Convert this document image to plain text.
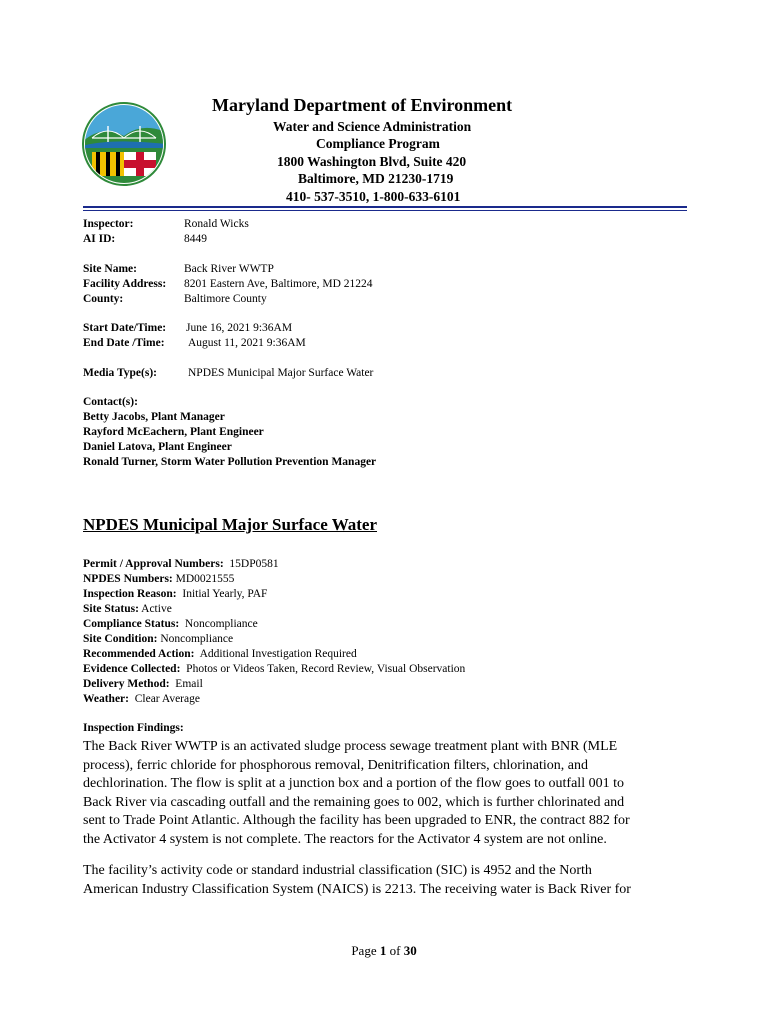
Maryland Department of Environment
Water and Science Administration
Compliance Program
1800 Washington Blvd, Suite 420
Baltimore, MD 21230-1719
410- 537-3510, 1-800-633-6101
Inspector:	Ronald Wicks
AI ID:	8449
Site Name:	Back River WWTP
Facility Address: 8201 Eastern Ave, Baltimore, MD 21224
County:	Baltimore County
Start Date/Time: June 16, 2021 9:36AM
End Date /Time: August 11, 2021 9:36AM
Media Type(s):	NPDES Municipal Major Surface Water
Contact(s):
Betty Jacobs, Plant Manager
Rayford McEachern, Plant Engineer
Daniel Latova, Plant Engineer
Ronald Turner, Storm Water Pollution Prevention Manager
NPDES Municipal Major Surface Water
Permit / Approval Numbers:  15DP0581
NPDES Numbers: MD0021555
Inspection Reason:  Initial Yearly, PAF
Site Status: Active
Compliance Status:  Noncompliance
Site Condition: Noncompliance
Recommended Action:  Additional Investigation Required
Evidence Collected:  Photos or Videos Taken, Record Review, Visual Observation
Delivery Method:  Email
Weather:  Clear Average
Inspection Findings:
The Back River WWTP is an activated sludge process sewage treatment plant with BNR (MLE
process), ferric chloride for phosphorous removal, Denitrification filters, chlorination, and
dechlorination. The flow is split at a junction box and a portion of the flow goes to outfall 001 to
Back River via cascading outfall and the remaining goes to 002, which is further chlorinated and
sent to Trade Point Atlantic. Although the facility has been upgraded to ENR, the contract 882 for
the Activator 4 system is not complete. The reactors for the Activator 4 system are not online.
The facility’s activity code or standard industrial classification (SIC) is 4952 and the North
American Industry Classification System (NAICS) is 2213. The receiving water is Back River for
Page 1 of 30
